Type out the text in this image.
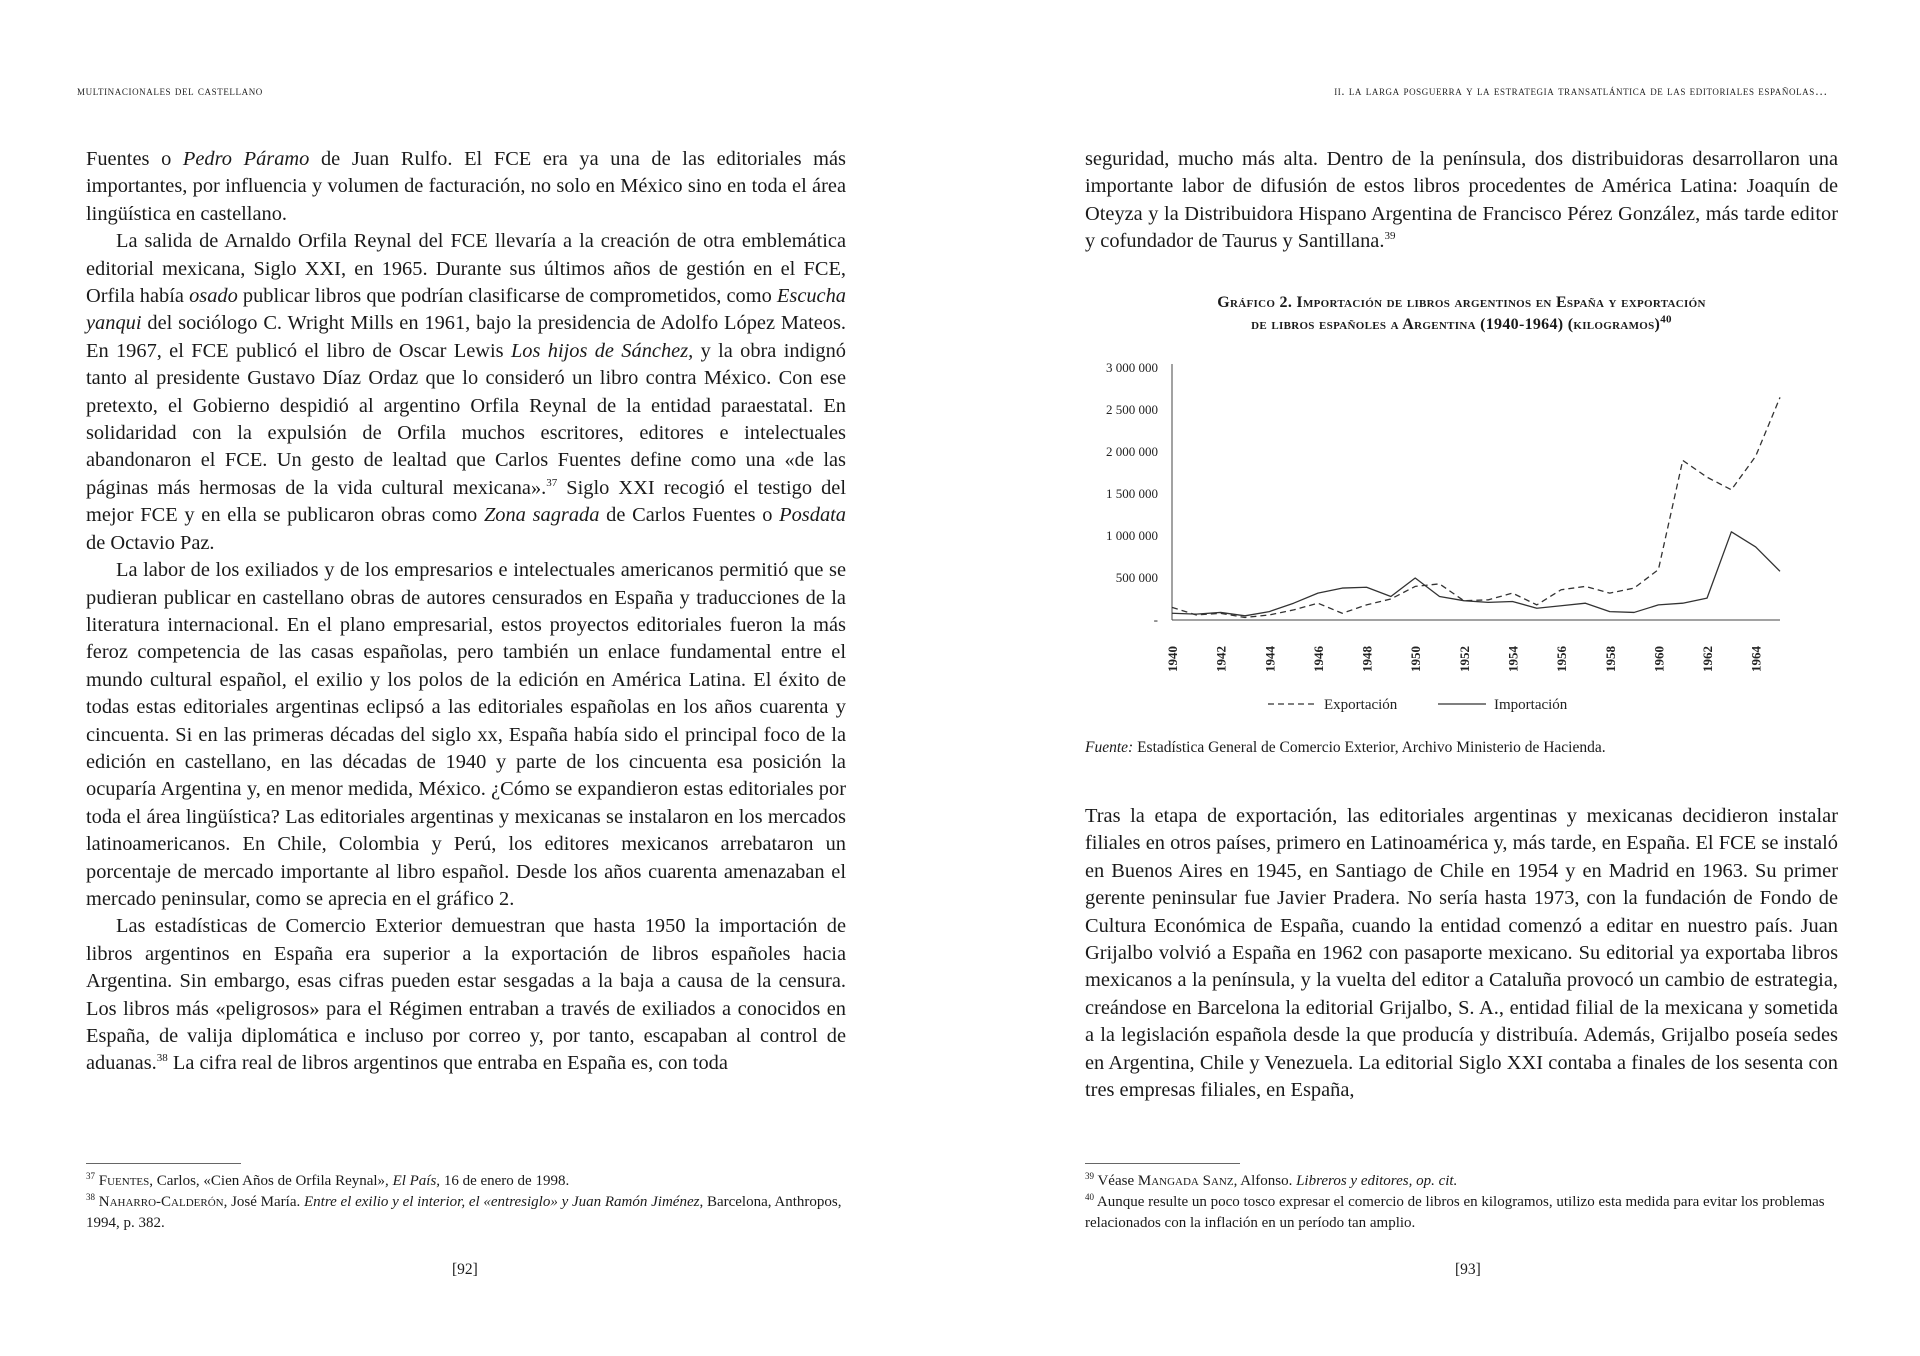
multinacionales del castellano

Fuentes o Pedro Páramo de Juan Rulfo. El FCE era ya una de las editoriales más importantes, por influencia y volumen de facturación, no solo en México sino en toda el área lingüística en castellano.

La salida de Arnaldo Orfila Reynal del FCE llevaría a la creación de otra emblemática editorial mexicana, Siglo XXI, en 1965. Durante sus últimos años de gestión en el FCE, Orfila había osado publicar libros que podrían clasificarse de comprometidos, como Escucha yanqui del sociólogo C. Wright Mills en 1961, bajo la presidencia de Adolfo López Mateos. En 1967, el FCE publicó el libro de Oscar Lewis Los hijos de Sánchez, y la obra indignó tanto al presidente Gustavo Díaz Ordaz que lo consideró un libro contra México. Con ese pretexto, el Gobierno despidió al argentino Orfila Reynal de la entidad paraestatal. En solidaridad con la expulsión de Orfila muchos escritores, editores e intelectuales abandonaron el FCE. Un gesto de lealtad que Carlos Fuentes define como una «de las páginas más hermosas de la vida cultural mexicana».$^{37}$ Siglo XXI recogió el testigo del mejor FCE y en ella se publicaron obras como Zona sagrada de Carlos Fuentes o Posdata de Octavio Paz.

La labor de los exiliados y de los empresarios e intelectuales americanos permitió que se pudieran publicar en castellano obras de autores censurados en España y traducciones de la literatura internacional. En el plano empresarial, estos proyectos editoriales fueron la más feroz competencia de las casas españolas, pero también un enlace fundamental entre el mundo cultural español, el exilio y los polos de la edición en América Latina. El éxito de todas estas editoriales argentinas eclipsó a las editoriales españolas en los años cuarenta y cincuenta. Si en las primeras décadas del siglo xx, España había sido el principal foco de la edición en castellano, en las décadas de 1940 y parte de los cincuenta esa posición la ocuparía Argentina y, en menor medida, México. ¿Cómo se expandieron estas editoriales por toda el área lingüística? Las editoriales argentinas y mexicanas se instalaron en los mercados latinoamericanos. En Chile, Colombia y Perú, los editores mexicanos arrebataron un porcentaje de mercado importante al libro español. Desde los años cuarenta amenazaban el mercado peninsular, como se aprecia en el gráfico 2.

Las estadísticas de Comercio Exterior demuestran que hasta 1950 la importación de libros argentinos en España era superior a la exportación de libros españoles hacia Argentina. Sin embargo, esas cifras pueden estar sesgadas a la baja a causa de la censura. Los libros más «peligrosos» para el Régimen entraban a través de exiliados a conocidos en España, de valija diplomática e incluso por correo y, por tanto, escapaban al control de aduanas.$^{38}$ La cifra real de libros argentinos que entraba en España es, con toda

$^{37}$ Fuentes, Carlos, «Cien Años de Orfila Reynal», El País, 16 de enero de 1998.

$^{38}$ Naharro-Calderón, José María. Entre el exilio y el interior, el «entresiglo» y Juan Ramón Jiménez, Barcelona, Anthropos, 1994, p. 382.

[92]
ii. la larga posguerra y la estrategia transatlántica de las editoriales españolas…

seguridad, mucho más alta. Dentro de la península, dos distribuidoras desarrollaron una importante labor de difusión de estos libros procedentes de América Latina: Joaquín de Oteyza y la Distribuidora Hispano Argentina de Francisco Pérez González, más tarde editor y cofundador de Taurus y Santillana.$^{39}$

Gráfico 2. Importación de libros argentinos en España y exportación
de libros españoles a Argentina (1940-1964) (kilogramos)$^{40}$
-
500 000
1 000 000
1 500 000
2 000 000
2 500 000
3 000 000
1940	1942	1944	1946	1948	1950	1952	1954	1956	1958	1960	1962	1964
Exportación	Importación
Fuente: Estadística General de Comercio Exterior, Archivo Ministerio de Hacienda.

Tras la etapa de exportación, las editoriales argentinas y mexicanas decidieron instalar filiales en otros países, primero en Latinoamérica y, más tarde, en España. El FCE se instaló en Buenos Aires en 1945, en Santiago de Chile en 1954 y en Madrid en 1963. Su primer gerente peninsular fue Javier Pradera. No sería hasta 1973, con la fundación de Fondo de Cultura Económica de España, cuando la entidad comenzó a editar en nuestro país. Juan Grijalbo volvió a España en 1962 con pasaporte mexicano. Su editorial ya exportaba libros mexicanos a la península, y la vuelta del editor a Cataluña provocó un cambio de estrategia, creándose en Barcelona la editorial Grijalbo, S. A., entidad filial de la mexicana y sometida a la legislación española desde la que producía y distribuía. Además, Grijalbo poseía sedes en Argentina, Chile y Venezuela. La editorial Siglo XXI contaba a finales de los sesenta con tres empresas filiales, en España,

$^{39}$ Véase Mangada Sanz, Alfonso. Libreros y editores, op. cit.

$^{40}$ Aunque resulte un poco tosco expresar el comercio de libros en kilogramos, utilizo esta medida para evitar los problemas relacionados con la inflación en un período tan amplio.

[93]
